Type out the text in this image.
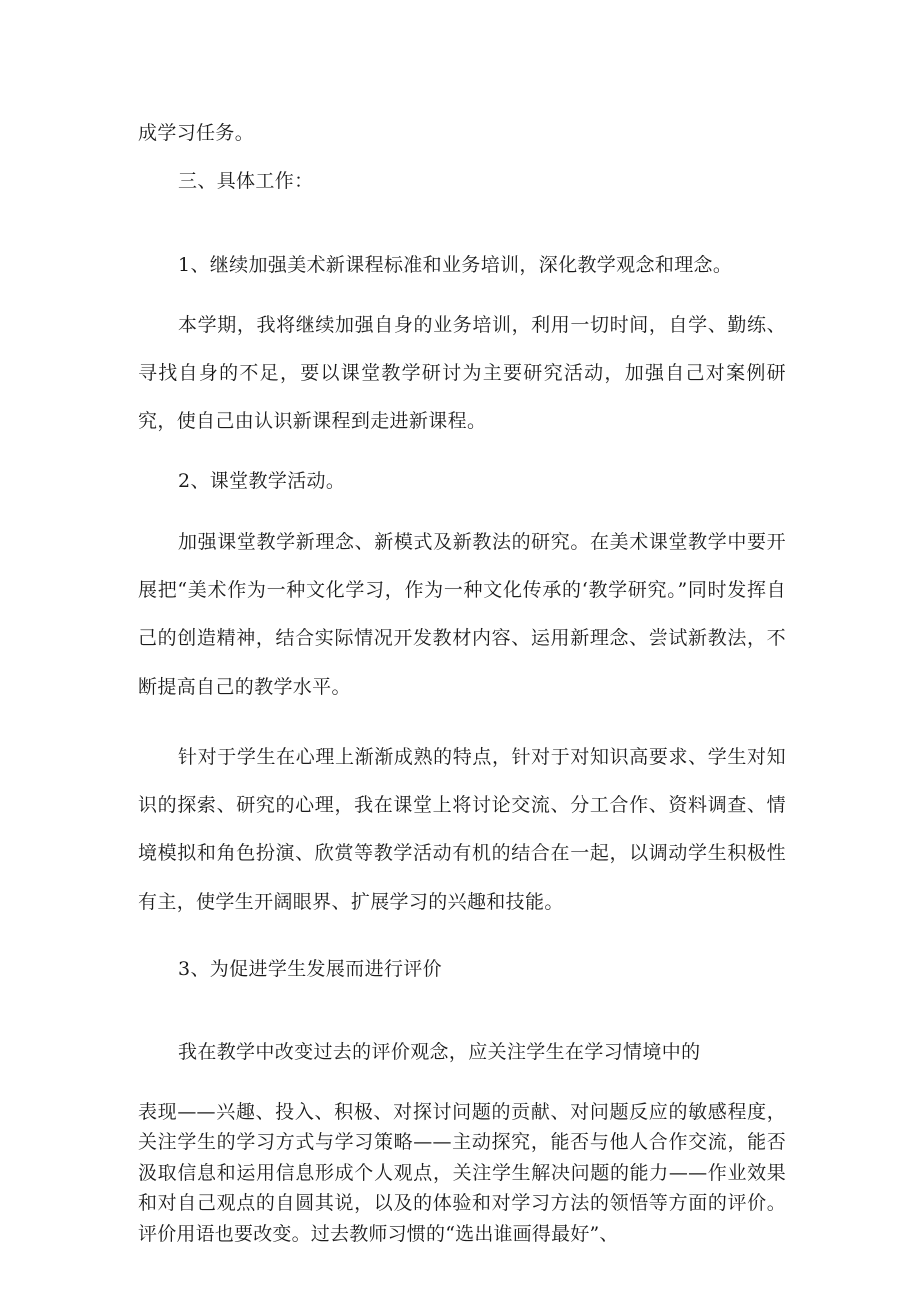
成学习任务。

三、具体工作：

1、继续加强美术新课程标准和业务培训，深化教学观念和理念。

本学期，我将继续加强自身的业务培训，利用一切时间，自学、勤练、寻找自身的不足，要以课堂教学研讨为主要研究活动，加强自己对案例研究，使自己由认识新课程到走进新课程。

2、课堂教学活动。

加强课堂教学新理念、新模式及新教法的研究。在美术课堂教学中要开展把“美术作为一种文化学习，作为一种文化传承的‘教学研究。”同时发挥自己的创造精神，结合实际情况开发教材内容、运用新理念、尝试新教法，不断提高自己的教学水平。

针对于学生在心理上渐渐成熟的特点，针对于对知识高要求、学生对知识的探索、研究的心理，我在课堂上将讨论交流、分工合作、资料调查、情境模拟和角色扮演、欣赏等教学活动有机的结合在一起，以调动学生积极性有主，使学生开阔眼界、扩展学习的兴趣和技能。

3、为促进学生发展而进行评价

我在教学中改变过去的评价观念，应关注学生在学习情境中的

表现——兴趣、投入、积极、对探讨问题的贡献、对问题反应的敏感程度，关注学生的学习方式与学习策略——主动探究，能否与他人合作交流，能否汲取信息和运用信息形成个人观点，关注学生解决问题的能力——作业效果和对自己观点的自圆其说，以及的体验和对学习方法的领悟等方面的评价。评价用语也要改变。过去教师习惯的“选出谁画得最好”、
